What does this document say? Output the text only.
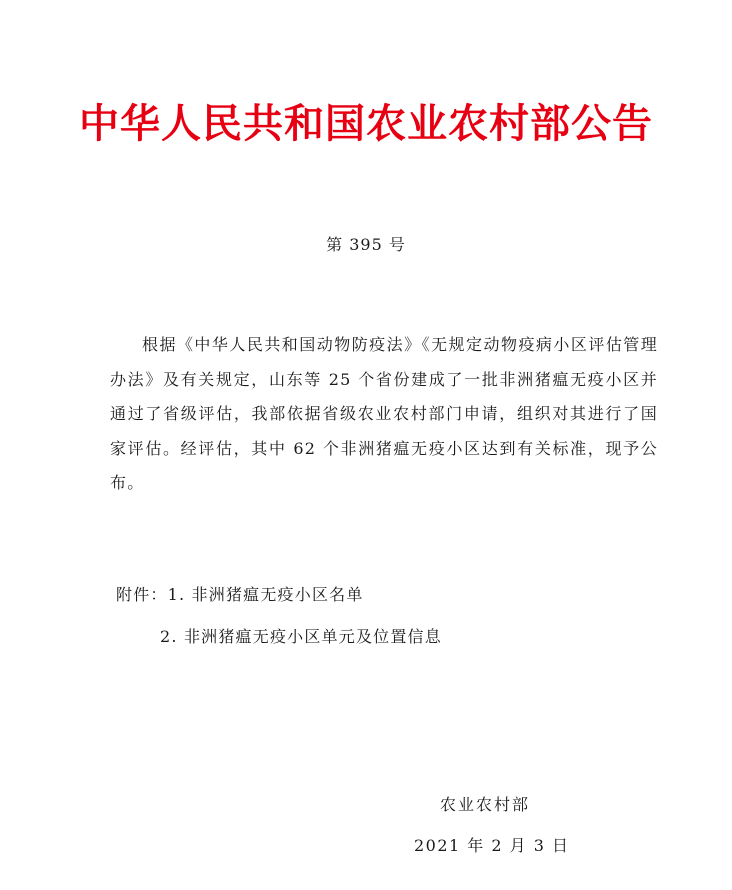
中华人民共和国农业农村部公告
第 395 号

根据《中华人民共和国动物防疫法》《无规定动物疫病小区评估管理办法》及有关规定，山东等 25 个省份建成了一批非洲猪瘟无疫小区并通过了省级评估，我部依据省级农业农村部门申请，组织对其进行了国家评估。经评估，其中 62 个非洲猪瘟无疫小区达到有关标准，现予公布。

附件：1. 非洲猪瘟无疫小区名单
2. 非洲猪瘟无疫小区单元及位置信息
农业农村部
2021 年 2 月 3 日
